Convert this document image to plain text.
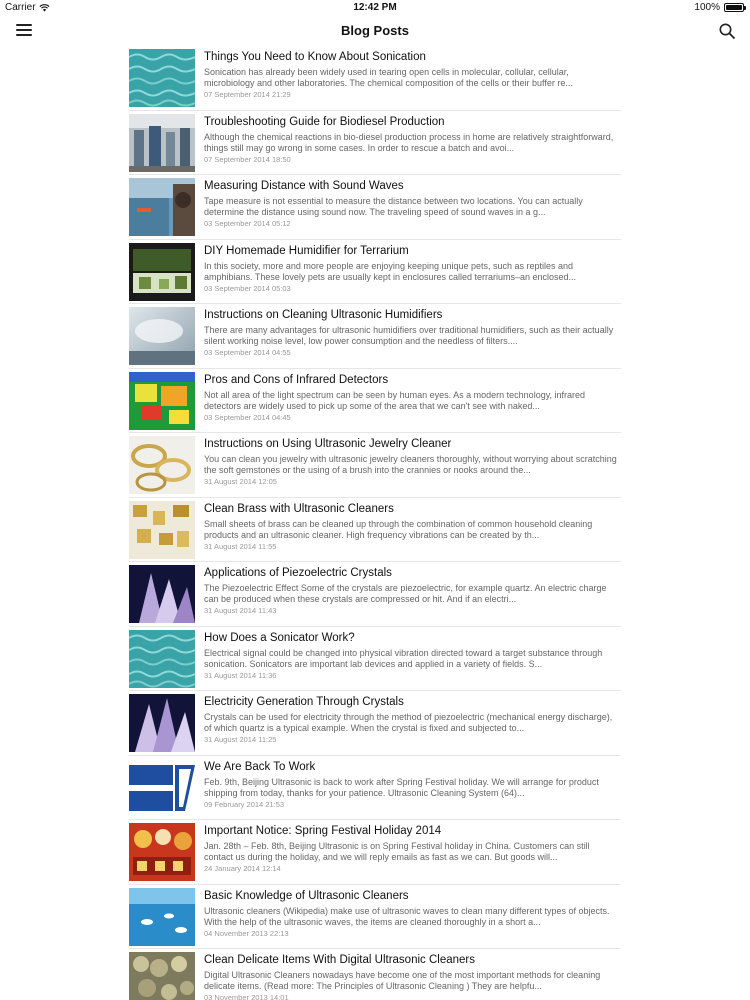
Carrier	12:42 PM	100%
Blog Posts
Things You Need to Know About Sonication
Sonication has already been widely used in tearing open cells in molecular, collular, cellular, microbiology and other laboratories. The chemical composition of the cells or their buffer re...
07 September 2014 21:29
Troubleshooting Guide for Biodiesel Production
Although the chemical reactions in bio-diesel production process in home are relatively straightforward, things still may go wrong in some cases. In order to rescue a batch and avoi...
07 September 2014 18:50
Measuring Distance with Sound Waves
Tape measure is not essential to measure the distance between two locations. You can actually determine the distance using sound now. The traveling speed of sound waves in a g...
03 September 2014 05:12
DIY Homemade Humidifier for Terrarium
In this society, more and more people are enjoying keeping unique pets, such as reptiles and amphibians. These lovely pets are usually kept in enclosures called terrariums–an enclosed...
03 September 2014 05:03
Instructions on Cleaning Ultrasonic Humidifiers
There are many advantages for ultrasonic humidifiers over traditional humidifiers, such as their actually silent working noise level, low power consumption and the needless of filters....
03 September 2014 04:55
Pros and Cons of Infrared Detectors
Not all area of the light spectrum can be seen by human eyes. As a modern technology, infrared detectors are widely used to pick up some of the area that we can't see with naked...
03 September 2014 04:45
Instructions on Using Ultrasonic Jewelry Cleaner
You can clean you jewelry with ultrasonic jewelry cleaners thoroughly, without worrying about scratching the soft gemstones or the using of a brush into the crannies or nooks around the...
31 August 2014 12:05
Clean Brass with Ultrasonic Cleaners
Small sheets of brass can be cleaned up through the combination of common household cleaning products and an ultrasonic cleaner. High frequency vibrations can be created by th...
31 August 2014 11:55
Applications of Piezoelectric Crystals
The Piezoelectric Effect Some of the crystals are piezoelectric, for example quartz. An electric charge can be produced when these crystals are compressed or hit. And if an electri...
31 August 2014 11:43
How Does a Sonicator Work?
Electrical signal could be changed into physical vibration directed toward a target substance through sonication. Sonicators are important lab devices and applied in a variety of fields. S...
31 August 2014 11:36
Electricity Generation Through Crystals
Crystals can be used for electricity through the method of piezoelectric (mechanical energy discharge), of which quartz is a typical example. When the crystal is fixed and subjected to...
31 August 2014 11:25
We Are Back To Work
Feb. 9th, Beijing Ultrasonic is back to work after Spring Festival holiday. We will arrange for product shipping from today, thanks for your patience. Ultrasonic Cleaning System (64)...
09 February 2014 21:53
Important Notice: Spring Festival Holiday 2014
Jan. 28th – Feb. 8th, Beijing Ultrasonic is on Spring Festival holiday in China. Customers can still contact us during the holiday, and we will reply emails as fast as we can. But goods will...
24 January 2014 12:14
Basic Knowledge of Ultrasonic Cleaners
Ultrasonic cleaners (Wikipedia) make use of ultrasonic waves to clean many different types of objects. With the help of the ultrasonic waves, the items are cleaned thoroughly in a short a...
04 November 2013 22:13
Clean Delicate Items With Digital Ultrasonic Cleaners
Digital Ultrasonic Cleaners nowadays have become one of the most important methods for cleaning delicate items. (Read more: The Principles of Ultrasonic Cleaning ) They are helpfu...
03 November 2013 14:01
